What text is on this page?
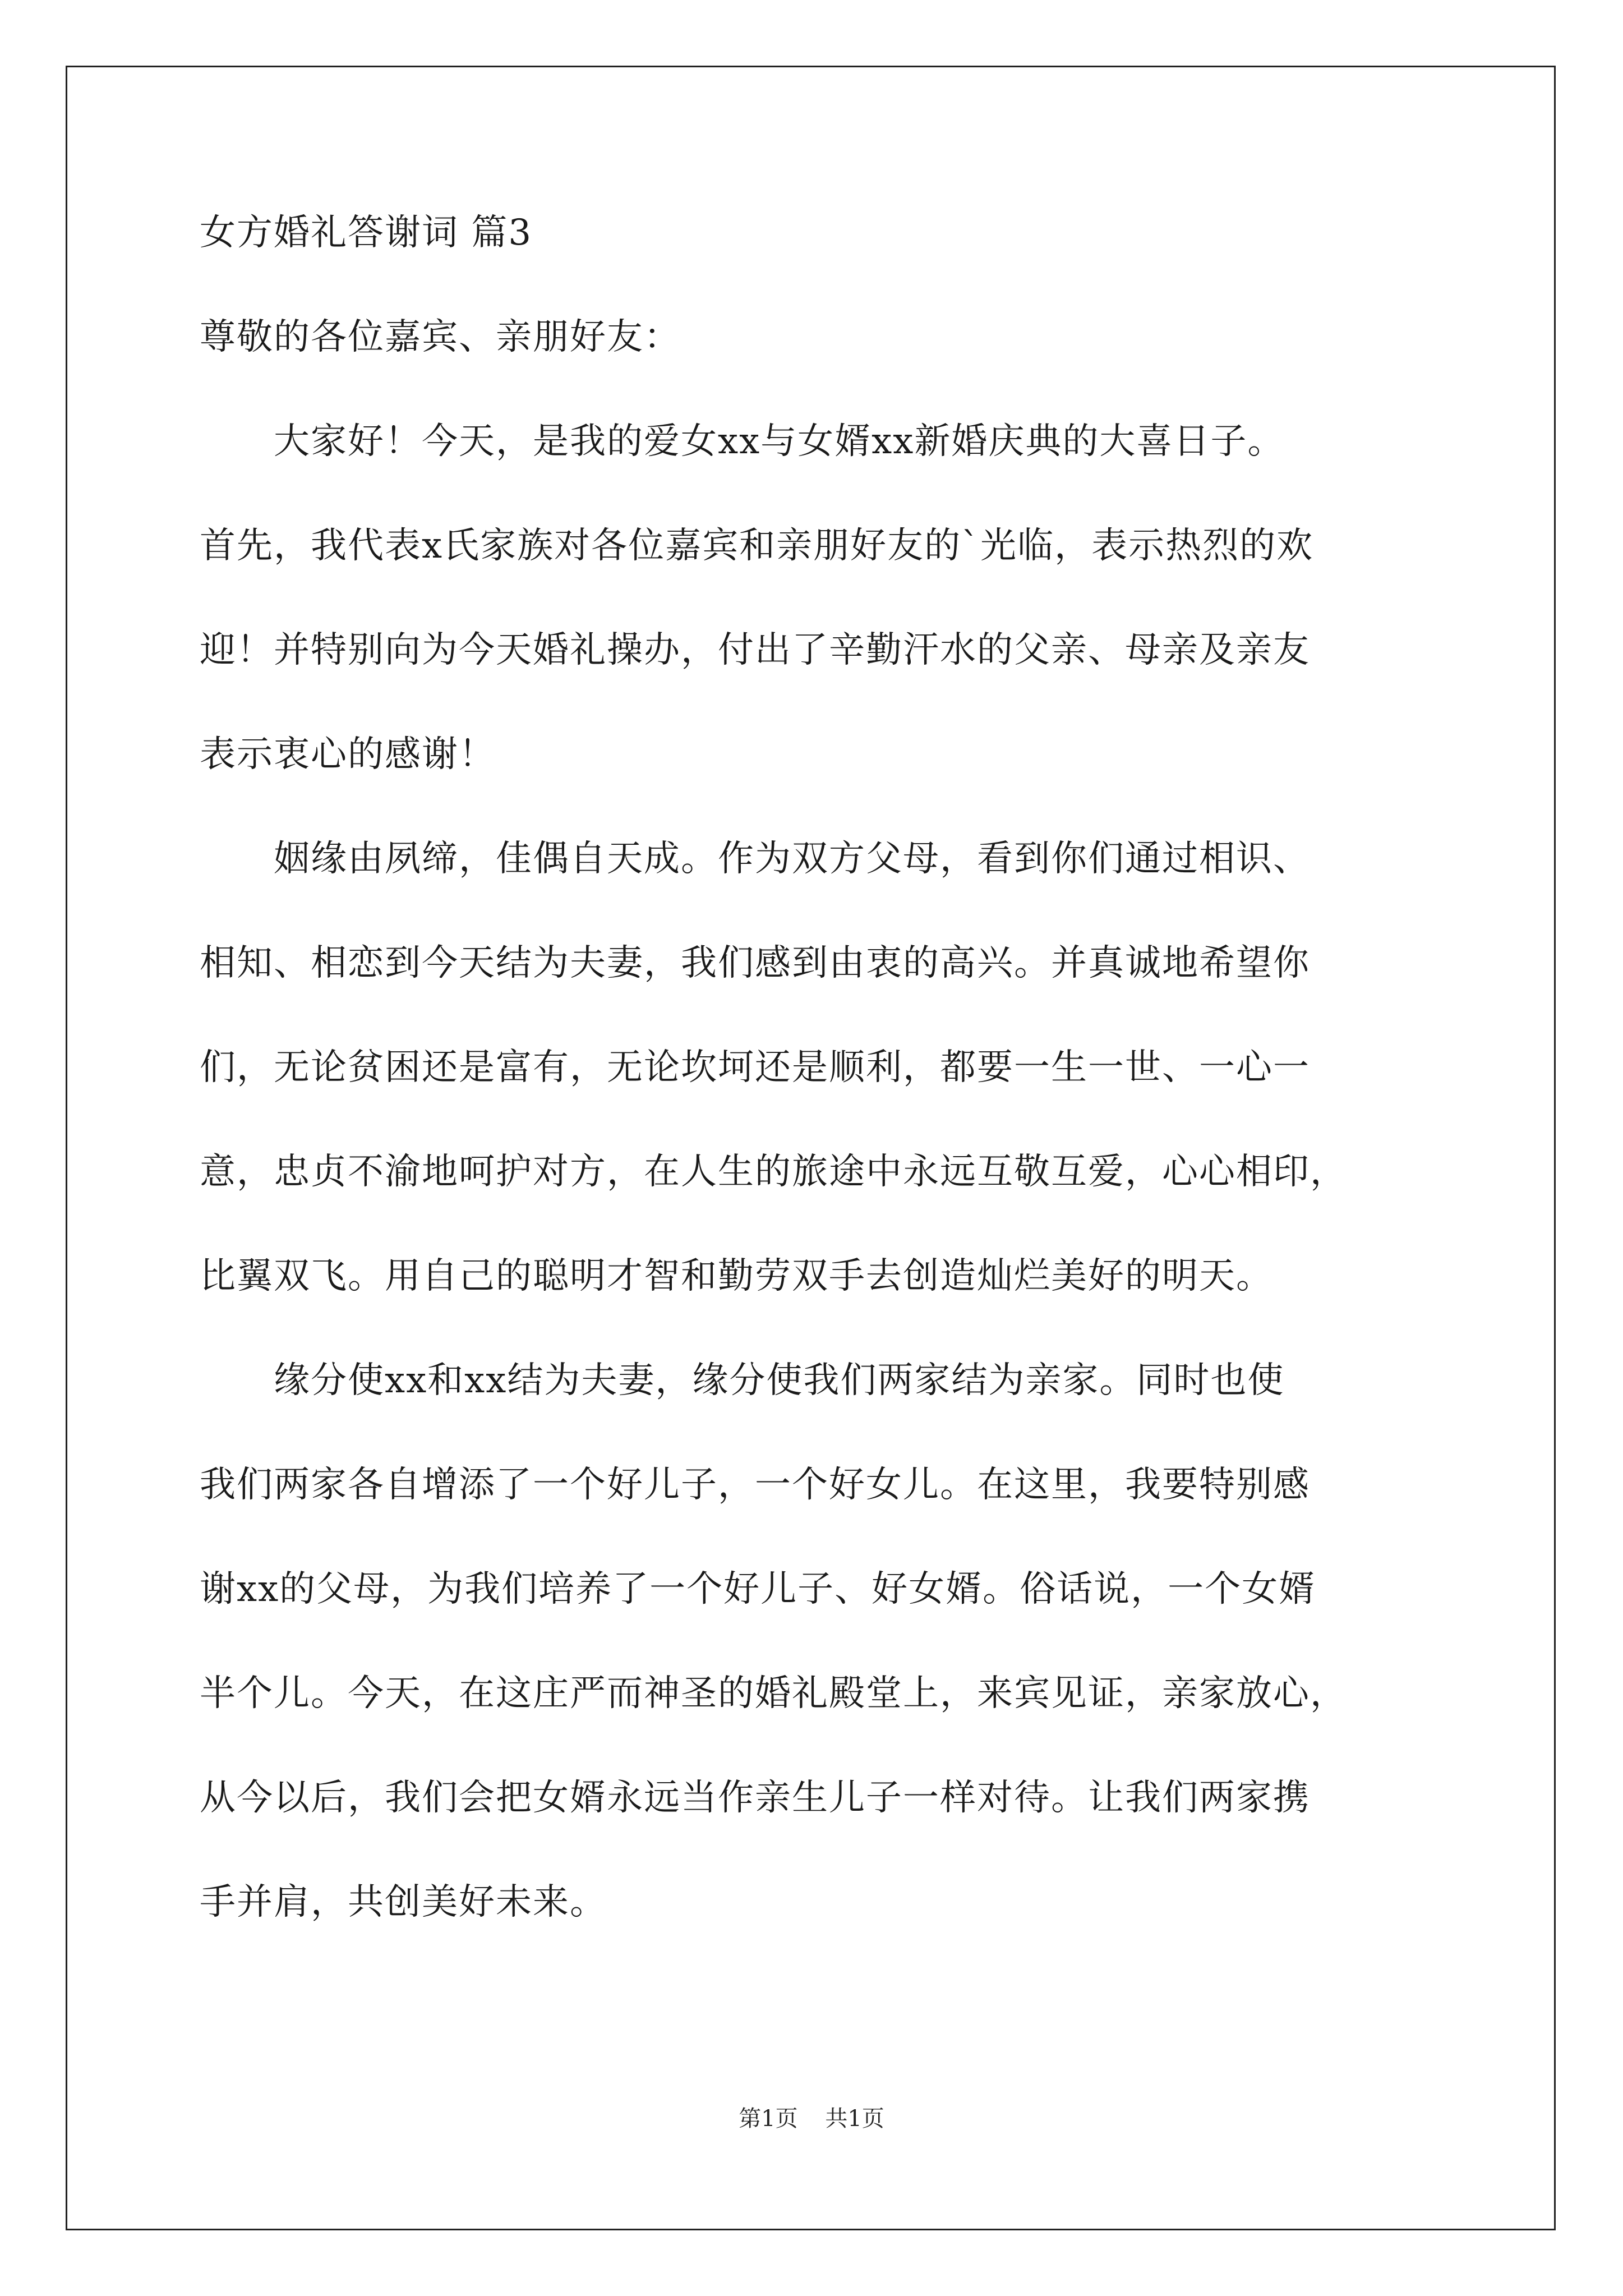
女方婚礼答谢词 篇3
尊敬的各位嘉宾、亲朋好友：
　　大家好！今天，是我的爱女xx与女婿xx新婚庆典的大喜日子。
首先，我代表x氏家族对各位嘉宾和亲朋好友的`光临，表示热烈的欢
迎！并特别向为今天婚礼操办，付出了辛勤汗水的父亲、母亲及亲友
表示衷心的感谢！
　　姻缘由夙缔，佳偶自天成。作为双方父母，看到你们通过相识、
相知、相恋到今天结为夫妻，我们感到由衷的高兴。并真诚地希望你
们，无论贫困还是富有，无论坎坷还是顺利，都要一生一世、一心一
意，忠贞不渝地呵护对方，在人生的旅途中永远互敬互爱，心心相印，
比翼双飞。用自己的聪明才智和勤劳双手去创造灿烂美好的明天。
　　缘分使xx和xx结为夫妻，缘分使我们两家结为亲家。同时也使
我们两家各自增添了一个好儿子，一个好女儿。在这里，我要特别感
谢xx的父母，为我们培养了一个好儿子、好女婿。俗话说，一个女婿
半个儿。今天，在这庄严而神圣的婚礼殿堂上，来宾见证，亲家放心，
从今以后，我们会把女婿永远当作亲生儿子一样对待。让我们两家携
手并肩，共创美好未来。
第1页 共1页
